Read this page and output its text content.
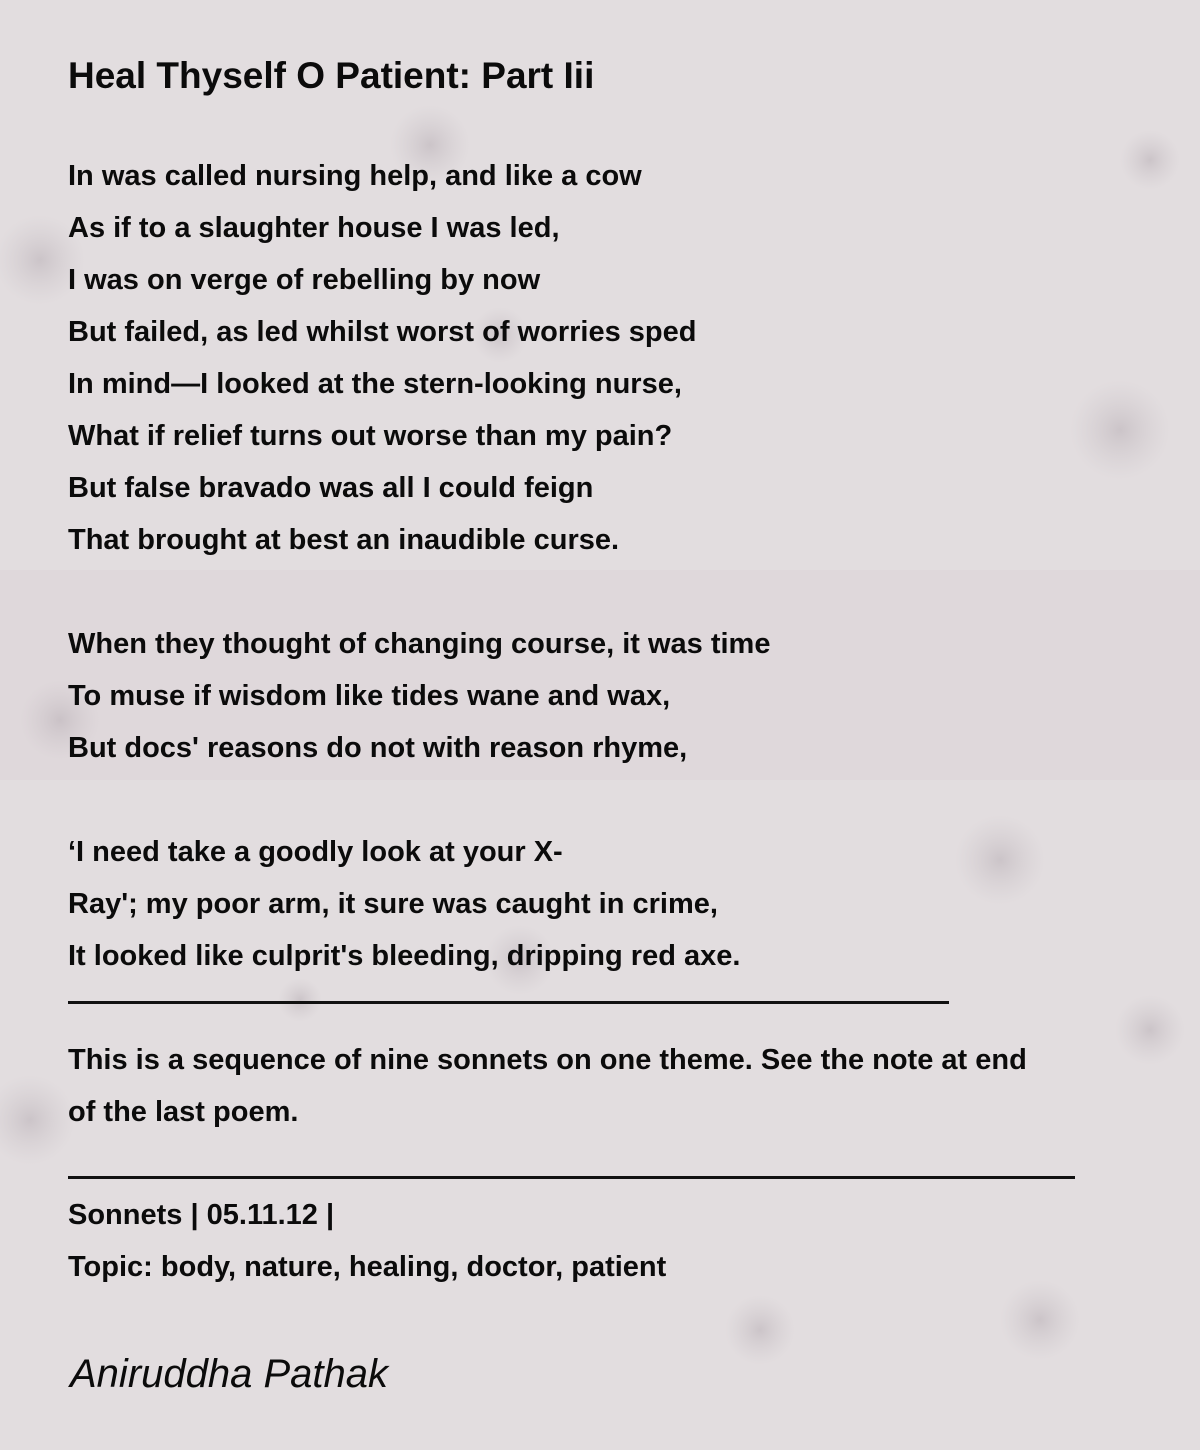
Heal Thyself O Patient: Part Iii
In was called nursing help, and like a cow
As if to a slaughter house I was led,
I was on verge of rebelling by now
But failed, as led whilst worst of worries sped
In mind—I looked at the stern-looking nurse,
What if relief turns out worse than my pain?
But false bravado was all I could feign
That brought at best an inaudible curse.
When they thought of changing course, it was time
To muse if wisdom like tides wane and wax,
But docs' reasons do not with reason rhyme,
‘I need take a goodly look at your X-
Ray'; my poor arm, it sure was caught in crime,
It looked like culprit's bleeding, dripping red axe.
This is a sequence of nine sonnets on one theme. See the note at end of the last poem.
Sonnets | 05.11.12 |
Topic: body, nature, healing, doctor, patient

Aniruddha Pathak
